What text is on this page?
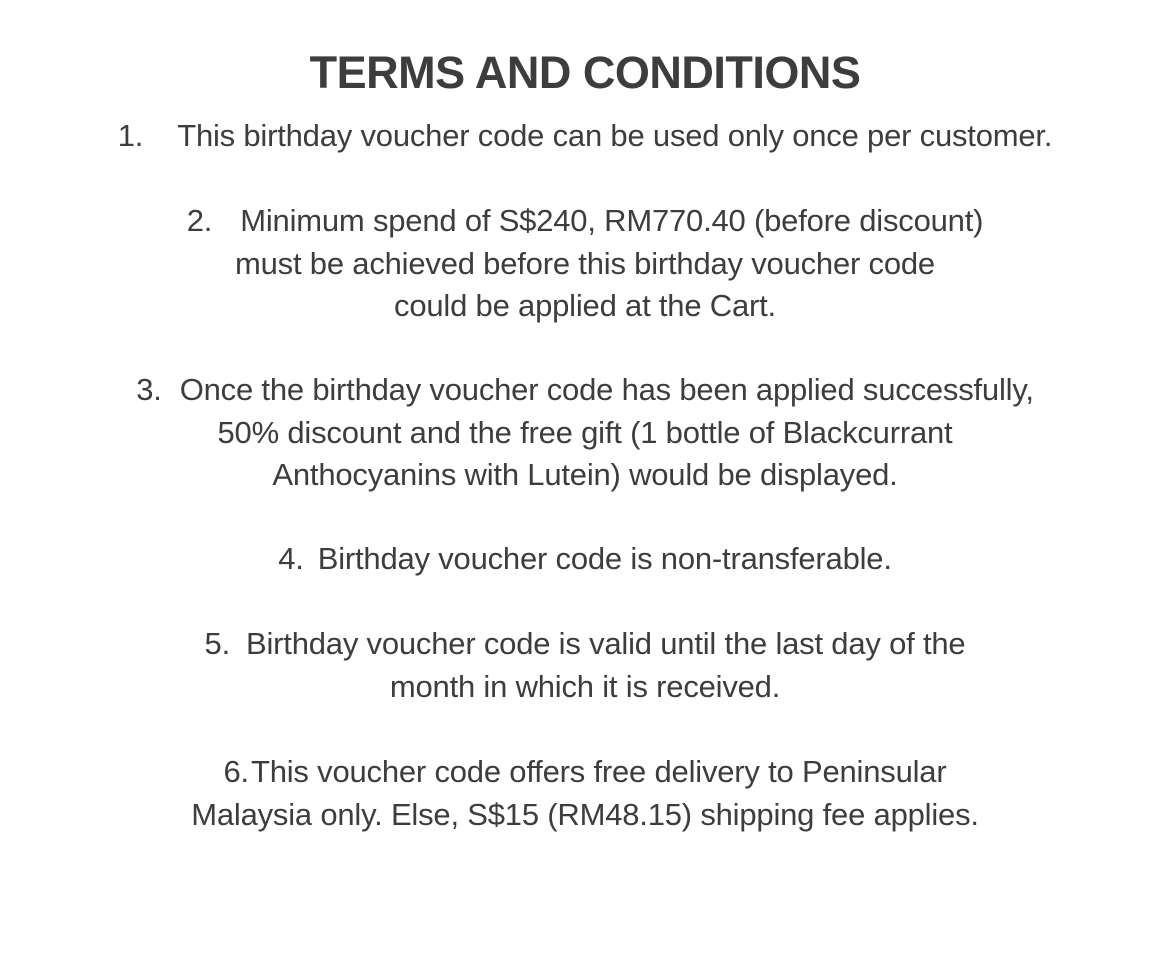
TERMS AND CONDITIONS
1. This birthday voucher code can be used only once per customer.
2. Minimum spend of S$240, RM770.40 (before discount)
must be achieved before this birthday voucher code
could be applied at the Cart.
3. Once the birthday voucher code has been applied successfully,
50% discount and the free gift (1 bottle of Blackcurrant
Anthocyanins with Lutein) would be displayed.
4. Birthday voucher code is non-transferable.
5. Birthday voucher code is valid until the last day of the
month in which it is received.
6.This voucher code offers free delivery to Peninsular
Malaysia only. Else, S$15 (RM48.15) shipping fee applies.
